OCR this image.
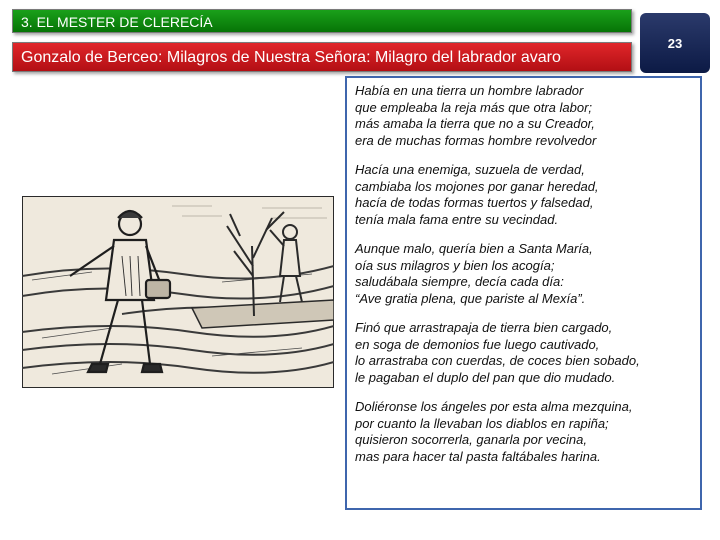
3. EL MESTER DE CLERECÍA
Gonzalo de Berceo: Milagros de Nuestra Señora: Milagro del labrador avaro
23
Había en una tierra un hombre labrador
que empleaba la reja más que otra labor;
más amaba la tierra que no a su Creador,
era de muchas formas hombre revolvedor
Hacía una enemiga, suzuela de verdad,
cambiaba los mojones por ganar heredad,
hacía de todas formas tuertos y falsedad,
tenía mala fama entre su vecindad.
Aunque malo, quería bien a Santa María,
oía sus milagros y bien los acogía;
saludábala siempre, decía cada día:
“Ave gratia plena, que pariste al Mexía”.
Finó que arrastrapaja de tierra bien cargado,
en soga de demonios fue luego cautivado,
lo arrastraba con cuerdas, de coces bien sobado,
le pagaban el duplo del pan que dio mudado.
Doliéronse los ángeles por esta alma mezquina,
por cuanto la llevaban los diablos en rapiña;
quisieron socorrerla, ganarla por vecina,
mas para hacer tal pasta faltábales harina.
